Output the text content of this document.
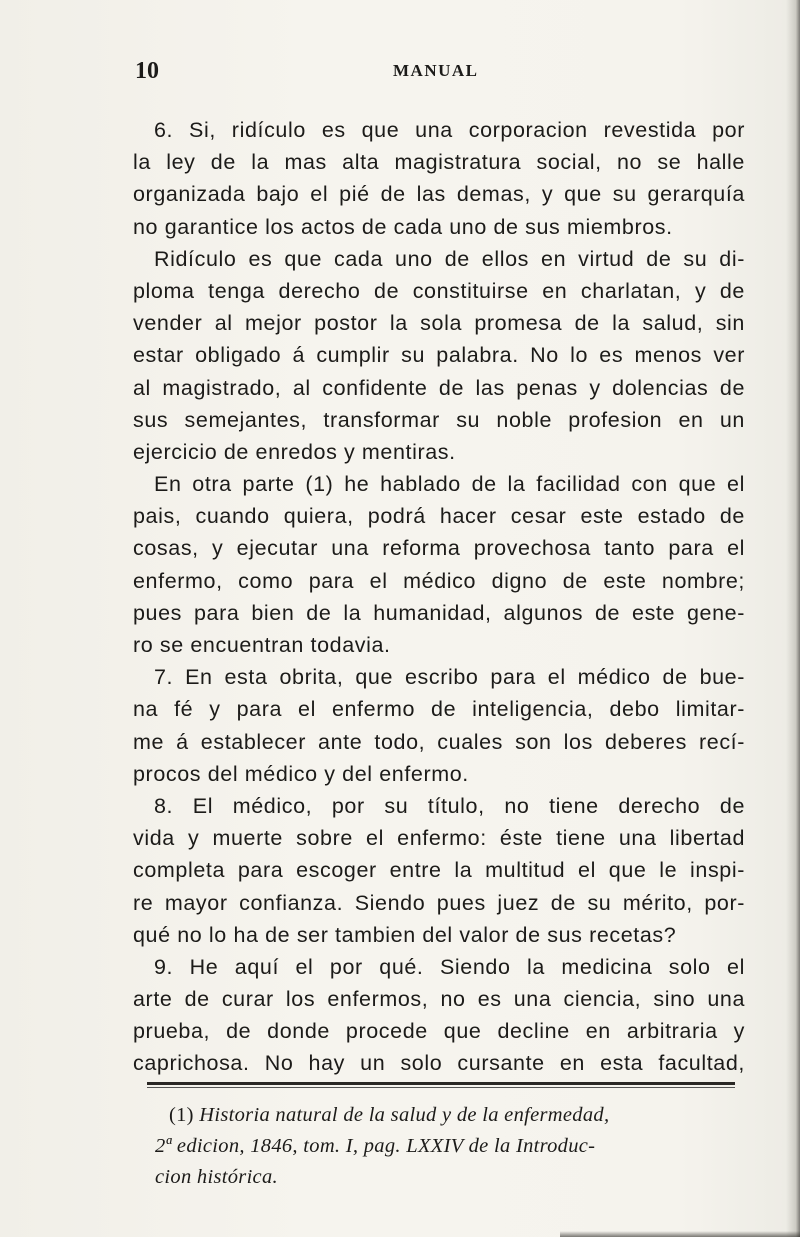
10	MANUAL
6. Si, ridículo es que una corporacion revestida por
la ley de la mas alta magistratura social, no se halle
organizada bajo el pié de las demas, y que su gerarquía
no garantice los actos de cada uno de sus miembros.
Ridículo es que cada uno de ellos en virtud de su di-
ploma tenga derecho de constituirse en charlatan, y de
vender al mejor postor la sola promesa de la salud, sin
estar obligado á cumplir su palabra. No lo es menos ver
al magistrado, al confidente de las penas y dolencias de
sus semejantes, transformar su noble profesion en un
ejercicio de enredos y mentiras.
En otra parte (1) he hablado de la facilidad con que el
pais, cuando quiera, podrá hacer cesar este estado de
cosas, y ejecutar una reforma provechosa tanto para el
enfermo, como para el médico digno de este nombre;
pues para bien de la humanidad, algunos de este gene-
ro se encuentran todavia.
7. En esta obrita, que escribo para el médico de bue-
na fé y para el enfermo de inteligencia, debo limitar-
me á establecer ante todo, cuales son los deberes recí-
procos del médico y del enfermo.
8. El médico, por su título, no tiene derecho de
vida y muerte sobre el enfermo: éste tiene una libertad
completa para escoger entre la multitud el que le inspi-
re mayor confianza. Siendo pues juez de su mérito, por-
qué no lo ha de ser tambien del valor de sus recetas?
9. He aquí el por qué. Siendo la medicina solo el
arte de curar los enfermos, no es una ciencia, sino una
prueba, de donde procede que decline en arbitraria y
caprichosa. No hay un solo cursante en esta facultad,
(1) Historia natural de la salud y de la enfermedad,
2ª edicion, 1846, tom. I, pag. LXXIV de la Introduc-
cion histórica.
